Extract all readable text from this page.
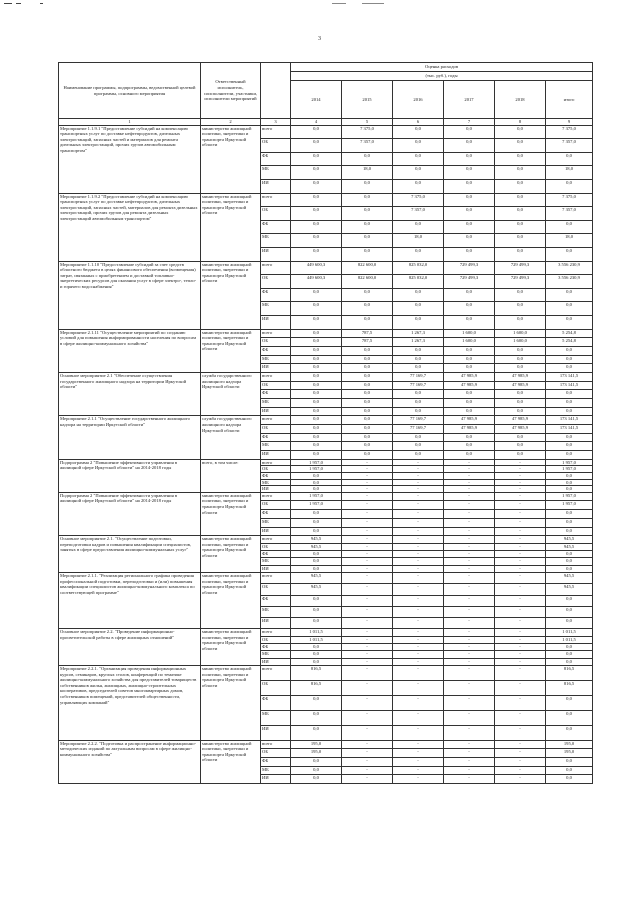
3
Наименование программы, подпрограммы, ведомственной целевой программы, основного мероприятия	Ответственный исполнитель, соисполнители, участники, исполнители мероприятий		Оценка расходов					
			(тыс. руб.), годы					
			2014	2015	2016	2017	2018	итого
1	2	3	4	5	6	7	8	9
Мероприятие 1.1.9.1 "Предоставление субсидий на компенсацию транспортных услуг по доставке нефтепродуктов, дизельных электростанций, запасных частей и материалов для ремонта дизельных электростанций, прочих грузов автомобильным транспортом"	министерство жилищной политики, энергетики и транспорта Иркутской области	всего	0,0	7 375,0	0,0	0,0	0,0	7 375,0
		ОБ	0,0	7 357,0	0,0	0,0	0,0	7 357,0
		ФБ	0,0	0,0	0,0	0,0	0,0	0,0
		МБ	0,0	18,0	0,0	0,0	0,0	18,0
		ИИ	0,0	0,0	0,0	0,0	0,0	0,0
Мероприятие 1.1.9.2 "Предоставление субсидий на компенсацию транспортных услуг по доставке нефтепродуктов, дизельных электростанций, запасных частей, материалов для ремонта дизельных электростанций, прочих грузов для ремонта дизельных электростанций автомобильным транспортом"	министерство жилищной политики, энергетики и транспорта Иркутской области	всего	0,0	0,0	7 375,0	0,0	0,0	7 375,0
		ОБ	0,0	0,0	7 357,0	0,0	0,0	7 357,0
		ФБ	0,0	0,0	0,0	0,0	0,0	0,0
		МБ	0,0	0,0	18,0	0,0	0,0	18,0
		ИИ	0,0	0,0	0,0	0,0	0,0	0,0
Мероприятие 1.1.10 "Предоставление субсидий за счет средств областного бюджета в целях финансового обеспечения (возмещения) затрат, связанных с приобретением и доставкой топливно-энергетических ресурсов для оказания услуг в сфере электро-, тепло- и горячего водоснабжения"	министерство жилищной политики, энергетики и транспорта Иркутской области	всего	449 600,3	822 600,0	825 032,0	729 499,3	729 499,3	3 556 230,9
		ОБ	449 600,3	822 600,0	825 032,0	729 499,3	729 499,3	3 556 230,9
		ФБ	0,0	0,0	0,0	0,0	0,0	0,0
		МБ	0,0	0,0	0,0	0,0	0,0	0,0
		ИИ	0,0	0,0	0,0	0,0	0,0	0,0
Мероприятие 2.1.11 "Осуществление мероприятий по созданию условий для повышения информированности населения по вопросам в сфере жилищно-коммунального хозяйства"	министерство жилищной политики, энергетики и транспорта Иркутской области	всего	0,0	787,5	1 267,3	1 600,0	1 600,0	5 254,8
		ОБ	0,0	787,5	1 267,3	1 600,0	1 600,0	5 254,8
		ФБ	0,0	0,0	0,0	0,0	0,0	0,0
		МБ	0,0	0,0	0,0	0,0	0,0	0,0
		ИИ	0,0	0,0	0,0	0,0	0,0	0,0
Основное мероприятие 2.1 "Обеспечение осуществления государственного жилищного надзора на территории Иркутской области"	служба государственного жилищного надзора Иркутской области	всего	0,0	0,0	77 169,7	47 985,9	47 985,9	173 141,5
		ОБ	0,0	0,0	77 169,7	47 985,9	47 985,9	173 141,5
		ФБ	0,0	0,0	0,0	0,0	0,0	0,0
		МБ	0,0	0,0	0,0	0,0	0,0	0,0
		ИИ	0,0	0,0	0,0	0,0	0,0	0,0
Мероприятие 2.1.1 "Осуществление государственного жилищного надзора на территории Иркутской области"	служба государственного жилищного надзора Иркутской области	всего	0,0	0,0	77 169,7	47 985,9	47 985,9	173 141,5
		ОБ	0,0	0,0	77 169,7	47 985,9	47 985,9	173 141,5
		ФБ	0,0	0,0	0,0	0,0	0,0	0,0
		МБ	0,0	0,0	0,0	0,0	0,0	0,0
		ИИ	0,0	0,0	0,0	0,0	0,0	0,0
Подпрограмма 2 "Повышение эффективности управления в жилищной сфере Иркутской области" на 2014-2018 годы	всего, в том числе:	всего	1 957,0	-	-	-	-	1 957,0
		ОБ	1 957,0	-	-	-	-	1 957,0
		ФБ	0,0	-	-	-	-	0,0
		МБ	0,0	-	-	-	-	0,0
		ИИ	0,0	-	-	-	-	0,0
Подпрограмма 2 "Повышение эффективности управления в жилищной сфере Иркутской области" на 2014-2018 годы	министерство жилищной политики, энергетики и транспорта Иркутской области	всего	1 957,0	-	-	-	-	1 957,0
		ОБ	1 957,0	-	-	-	-	1 957,0
		ФБ	0,0	-	-	-	-	0,0
		МБ	0,0	-	-	-	-	0,0
		ИИ	0,0	-	-	-	-	0,0
Основное мероприятие 2.1. "Осуществление подготовки, переподготовки кадров и повышения квалификации специалистов, занятых в сфере предоставления жилищно-коммунальных услуг"	министерство жилищной политики, энергетики и транспорта Иркутской области	всего	945,5	-	-	-	-	945,5
		ОБ	945,5	-	-	-	-	945,5
		ФБ	0,0	-	-	-	-	0,0
		МБ	0,0	-	-	-	-	0,0
		ИИ	0,0	-	-	-	-	0,0
Мероприятие 2.1.1. "Реализация регионального графика проведения профессиональной подготовки, переподготовки и (или) повышения квалификации специалистов жилищно-коммунального комплекса по соответствующей программе"	министерство жилищной политики, энергетики и транспорта Иркутской области	всего	945,5	-	-	-	-	945,5
		ОБ	945,5	-	-	-	-	945,5
		ФБ	0,0	-	-	-	-	0,0
		МБ	0,0	-	-	-	-	0,0
		ИИ	0,0	-	-	-	-	0,0
Основное мероприятие 2.2. "Проведение информационно-просветительской работы в сфере жилищных отношений"	министерство жилищной политики, энергетики и транспорта Иркутской области	всего	1 011,5	-	-	-	-	1 011,5
		ОБ	1 011,5	-	-	-	-	1 011,5
		ФБ	0,0	-	-	-	-	0,0
		МБ	0,0	-	-	-	-	0,0
		ИИ	0,0	-	-	-	-	0,0
Мероприятие 2.2.1. "Организация проведения информационных курсов, семинаров, круглых столов, конференций по тематике жилищно-коммунального хозяйства для представителей товариществ собственников жилья, жилищных, жилищно-строительных кооперативов, председателей советов многоквартирных домов, собственников помещений, представителей общественности, управляющих компаний"	министерство жилищной политики, энергетики и транспорта Иркутской области	всего	816,5	-	-	-	-	816,5
		ОБ	816,5	-	-	-	-	816,5
		ФБ	0,0	-	-	-	-	0,0
		МБ	0,0	-	-	-	-	0,0
		ИИ	0,0	-	-	-	-	0,0
Мероприятие 2.2.2. "Подготовка и распространение информационно-методических изданий по актуальным вопросам в сфере жилищно-коммунального хозяйства"	министерство жилищной политики, энергетики и транспорта Иркутской области	всего	195,0	-	-	-	-	195,0
		ОБ	195,0	-	-	-	-	195,0
		ФБ	0,0	-	-	-	-	0,0
		МБ	0,0	-	-	-	-	0,0
		ИИ	0,0	-	-	-	-	0,0
